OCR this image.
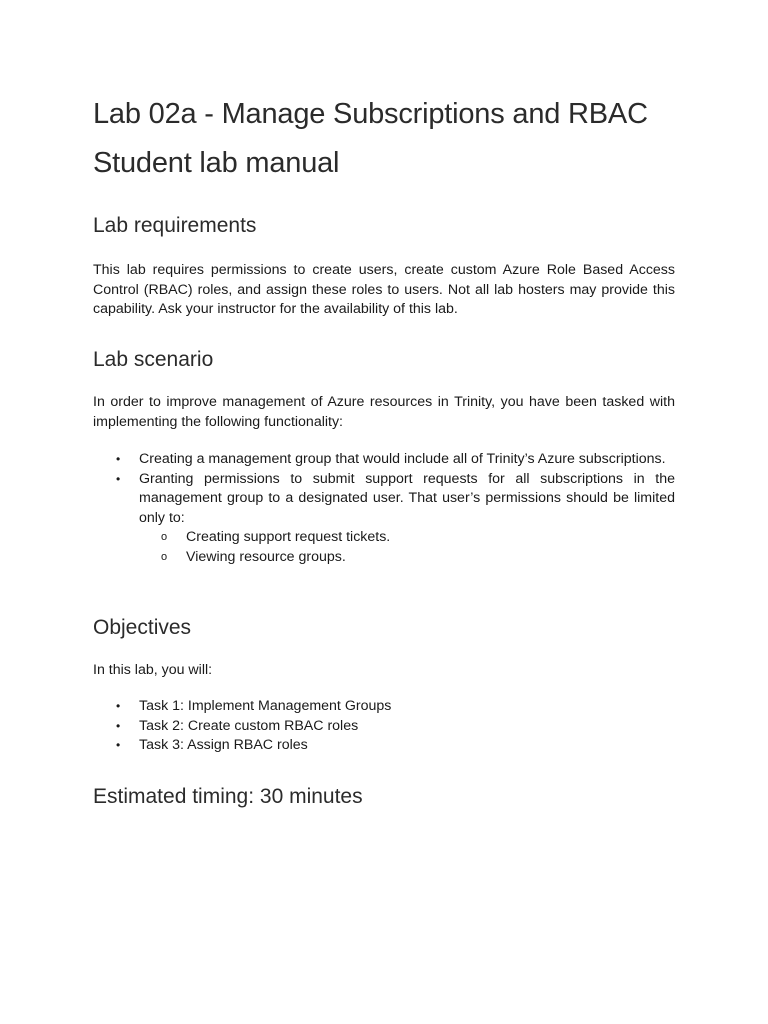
Lab 02a - Manage Subscriptions and RBAC
Student lab manual
Lab requirements

This lab requires permissions to create users, create custom Azure Role Based Access Control (RBAC) roles, and assign these roles to users. Not all lab hosters may provide this capability. Ask your instructor for the availability of this lab.

Lab scenario

In order to improve management of Azure resources in Trinity, you have been tasked with implementing the following functionality:

• Creating a management group that would include all of Trinity’s Azure subscriptions.
• Granting permissions to submit support requests for all subscriptions in the management group to a designated user. That user’s permissions should be limited only to:
o Creating support request tickets.
o Viewing resource groups.
Objectives

In this lab, you will:

• Task 1: Implement Management Groups
• Task 2: Create custom RBAC roles
• Task 3: Assign RBAC roles
Estimated timing: 30 minutes
